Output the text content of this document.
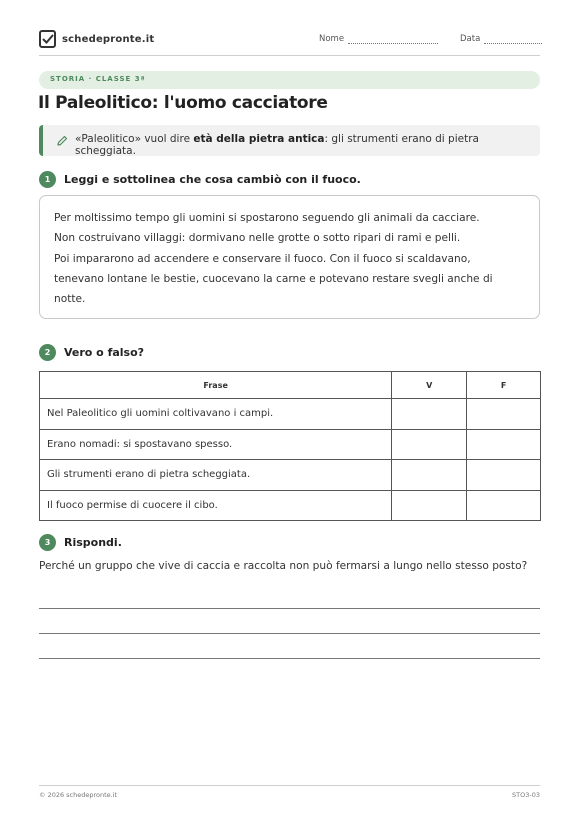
schedepronte.it	Nome	Data
STORIA · CLASSE 3ª
Il Paleolitico: l'uomo cacciatore
«Paleolitico» vuol dire età della pietra antica: gli strumenti erano di pietra scheggiata.
1	Leggi e sottolinea che cosa cambiò con il fuoco.
Per moltissimo tempo gli uomini si spostarono seguendo gli animali da cacciare.
Non costruivano villaggi: dormivano nelle grotte o sotto ripari di rami e pelli.
Poi impararono ad accendere e conservare il fuoco. Con il fuoco si scaldavano,
tenevano lontane le bestie, cuocevano la carne e potevano restare svegli anche di
notte.
2	Vero o falso?
Frase	V	F
Nel Paleolitico gli uomini coltivavano i campi.		
Erano nomadi: si spostavano spesso.		
Gli strumenti erano di pietra scheggiata.		
Il fuoco permise di cuocere il cibo.		
3	Rispondi.
Perché un gruppo che vive di caccia e raccolta non può fermarsi a lungo nello stesso posto?
© 2026 schedepronte.it	STO3-03
